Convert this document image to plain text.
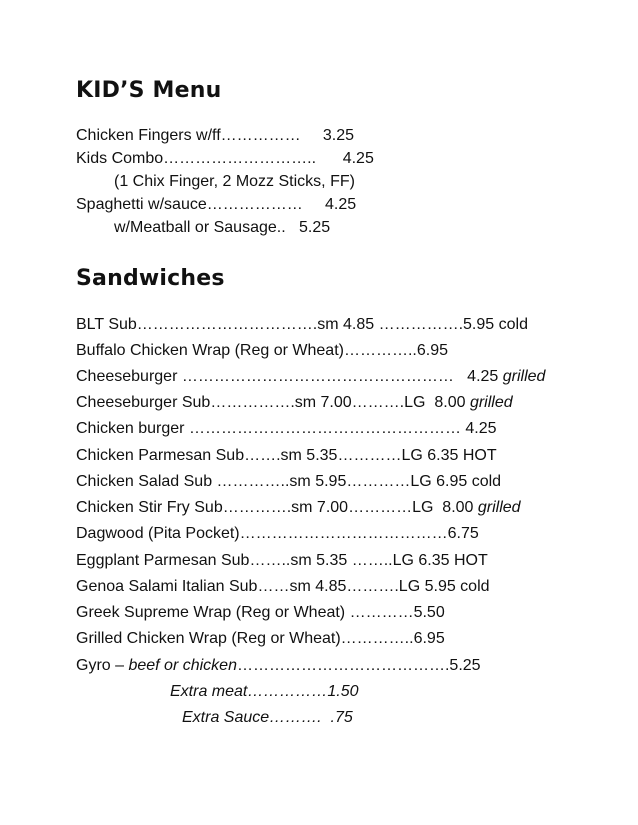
KID’S Menu
Chicken Fingers w/ff……………     3.25
Kids Combo………………………..      4.25
(1 Chix Finger, 2 Mozz Sticks, FF)
Spaghetti w/sauce………………     4.25
w/Meatball or Sausage..   5.25
Sandwiches
BLT Sub…………………………….sm 4.85 …………….5.95 cold
Buffalo Chicken Wrap (Reg or Wheat)…………..6.95
Cheeseburger ……………………………………………   4.25 grilled
Cheeseburger Sub…………….sm 7.00……….LG  8.00 grilled
Chicken burger …………………………………………… 4.25
Chicken Parmesan Sub…….sm 5.35…………LG 6.35 HOT
Chicken Salad Sub …………..sm 5.95…………LG 6.95 cold
Chicken Stir Fry Sub………….sm 7.00…………LG  8.00 grilled
Dagwood (Pita Pocket)…………………………………6.75
Eggplant Parmesan Sub……..sm 5.35 ……..LG 6.35 HOT
Genoa Salami Italian Sub……sm 4.85……….LG 5.95 cold
Greek Supreme Wrap (Reg or Wheat) …………5.50
Grilled Chicken Wrap (Reg or Wheat)…………..6.95
Gyro – beef or chicken………………………………….5.25
Extra meat……………1.50
Extra Sauce……….  .75
